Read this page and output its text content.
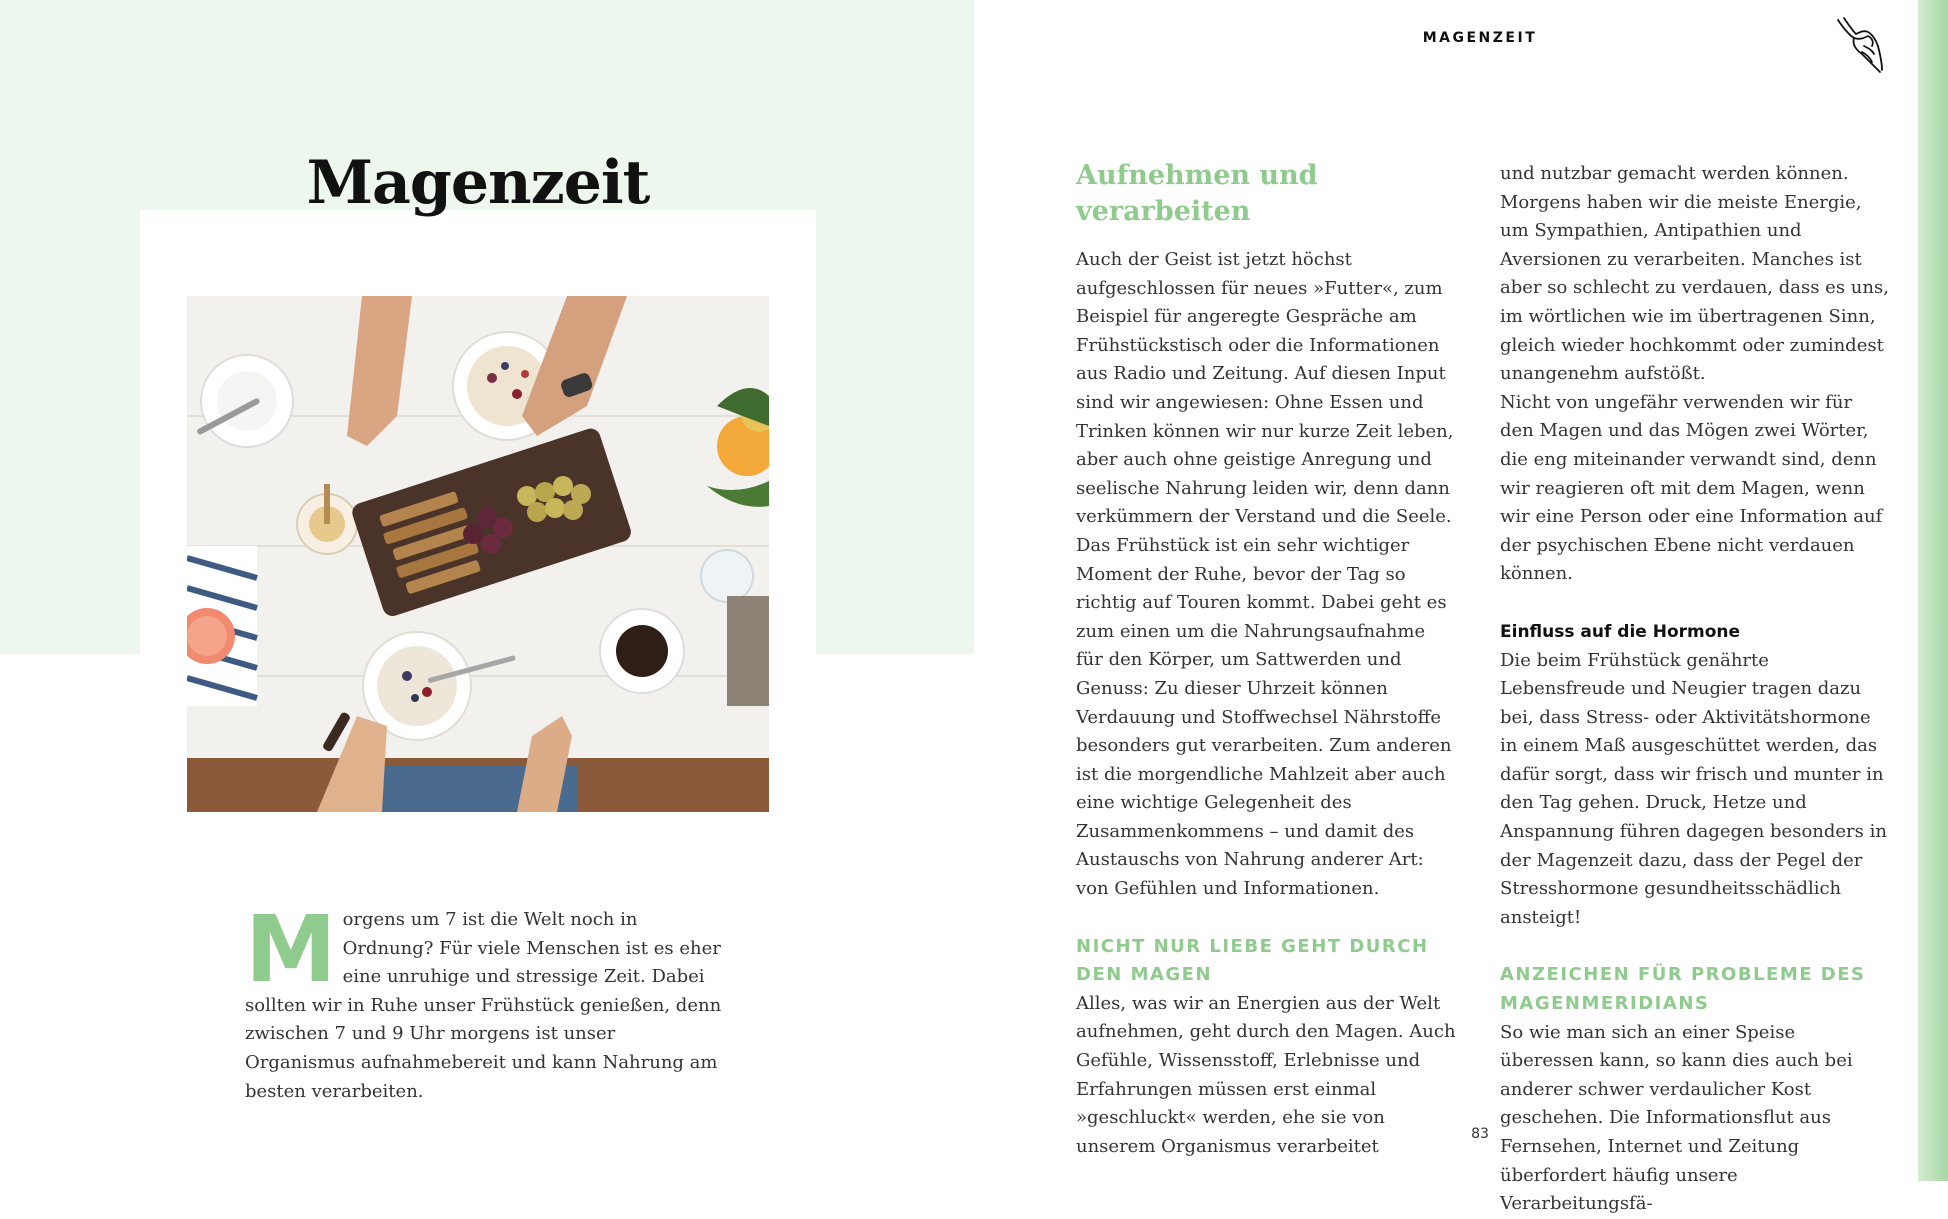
Magenzeit
M orgens um 7 ist die Welt noch in Ordnung? Für viele Menschen ist es eher eine unruhige und stressige Zeit. Dabei sollten wir in Ruhe unser Frühstück genießen, denn zwischen 7 und 9 Uhr morgens ist unser Organismus aufnahmebereit und kann Nahrung am besten verarbeiten.
MAGENZEIT
Aufnehmen und verarbeiten

Auch der Geist ist jetzt höchst aufgeschlossen für neues »Futter«, zum Beispiel für angeregte Gespräche am Frühstückstisch oder die Informationen aus Radio und Zeitung. Auf diesen Input sind wir angewiesen: Ohne Essen und Trinken können wir nur kurze Zeit leben, aber auch ohne geistige Anregung und seelische Nahrung leiden wir, denn dann verkümmern der Verstand und die Seele.

Das Frühstück ist ein sehr wichtiger Moment der Ruhe, bevor der Tag so richtig auf Touren kommt. Dabei geht es zum einen um die Nahrungsaufnahme für den Körper, um Sattwerden und Genuss: Zu dieser Uhrzeit können Verdauung und Stoffwechsel Nährstoffe besonders gut verarbeiten. Zum anderen ist die morgendliche Mahlzeit aber auch eine wichtige Gelegenheit des Zusammenkommens – und damit des Austauschs von Nahrung anderer Art: von Gefühlen und Informationen.

NICHT NUR LIEBE GEHT DURCH DEN MAGEN

Alles, was wir an Energien aus der Welt aufnehmen, geht durch den Magen. Auch Gefühle, Wissensstoff, Erlebnisse und Erfahrungen müssen erst einmal »geschluckt« werden, ehe sie von unserem Organismus verarbeitet

und nutzbar gemacht werden können. Morgens haben wir die meiste Energie, um Sympathien, Antipathien und Aversionen zu verarbeiten. Manches ist aber so schlecht zu verdauen, dass es uns, im wörtlichen wie im übertragenen Sinn, gleich wieder hochkommt oder zumindest unangenehm aufstößt.

Nicht von ungefähr verwenden wir für den Magen und das Mögen zwei Wörter, die eng miteinander verwandt sind, denn wir reagieren oft mit dem Magen, wenn wir eine Person oder eine Information auf der psychischen Ebene nicht verdauen können.

Einfluss auf die Hormone

Die beim Frühstück genährte Lebensfreude und Neugier tragen dazu bei, dass Stress- oder Aktivitätshormone in einem Maß ausgeschüttet werden, das dafür sorgt, dass wir frisch und munter in den Tag gehen. Druck, Hetze und Anspannung führen dagegen besonders in der Magenzeit dazu, dass der Pegel der Stresshormone gesundheitsschädlich ansteigt!

ANZEICHEN FÜR PROBLEME DES MAGENMERIDIANS

So wie man sich an einer Speise überessen kann, so kann dies auch bei anderer schwer verdaulicher Kost geschehen. Die Informationsflut aus Fernsehen, Internet und Zeitung überfordert häufig unsere Verarbeitungsfä-

83
